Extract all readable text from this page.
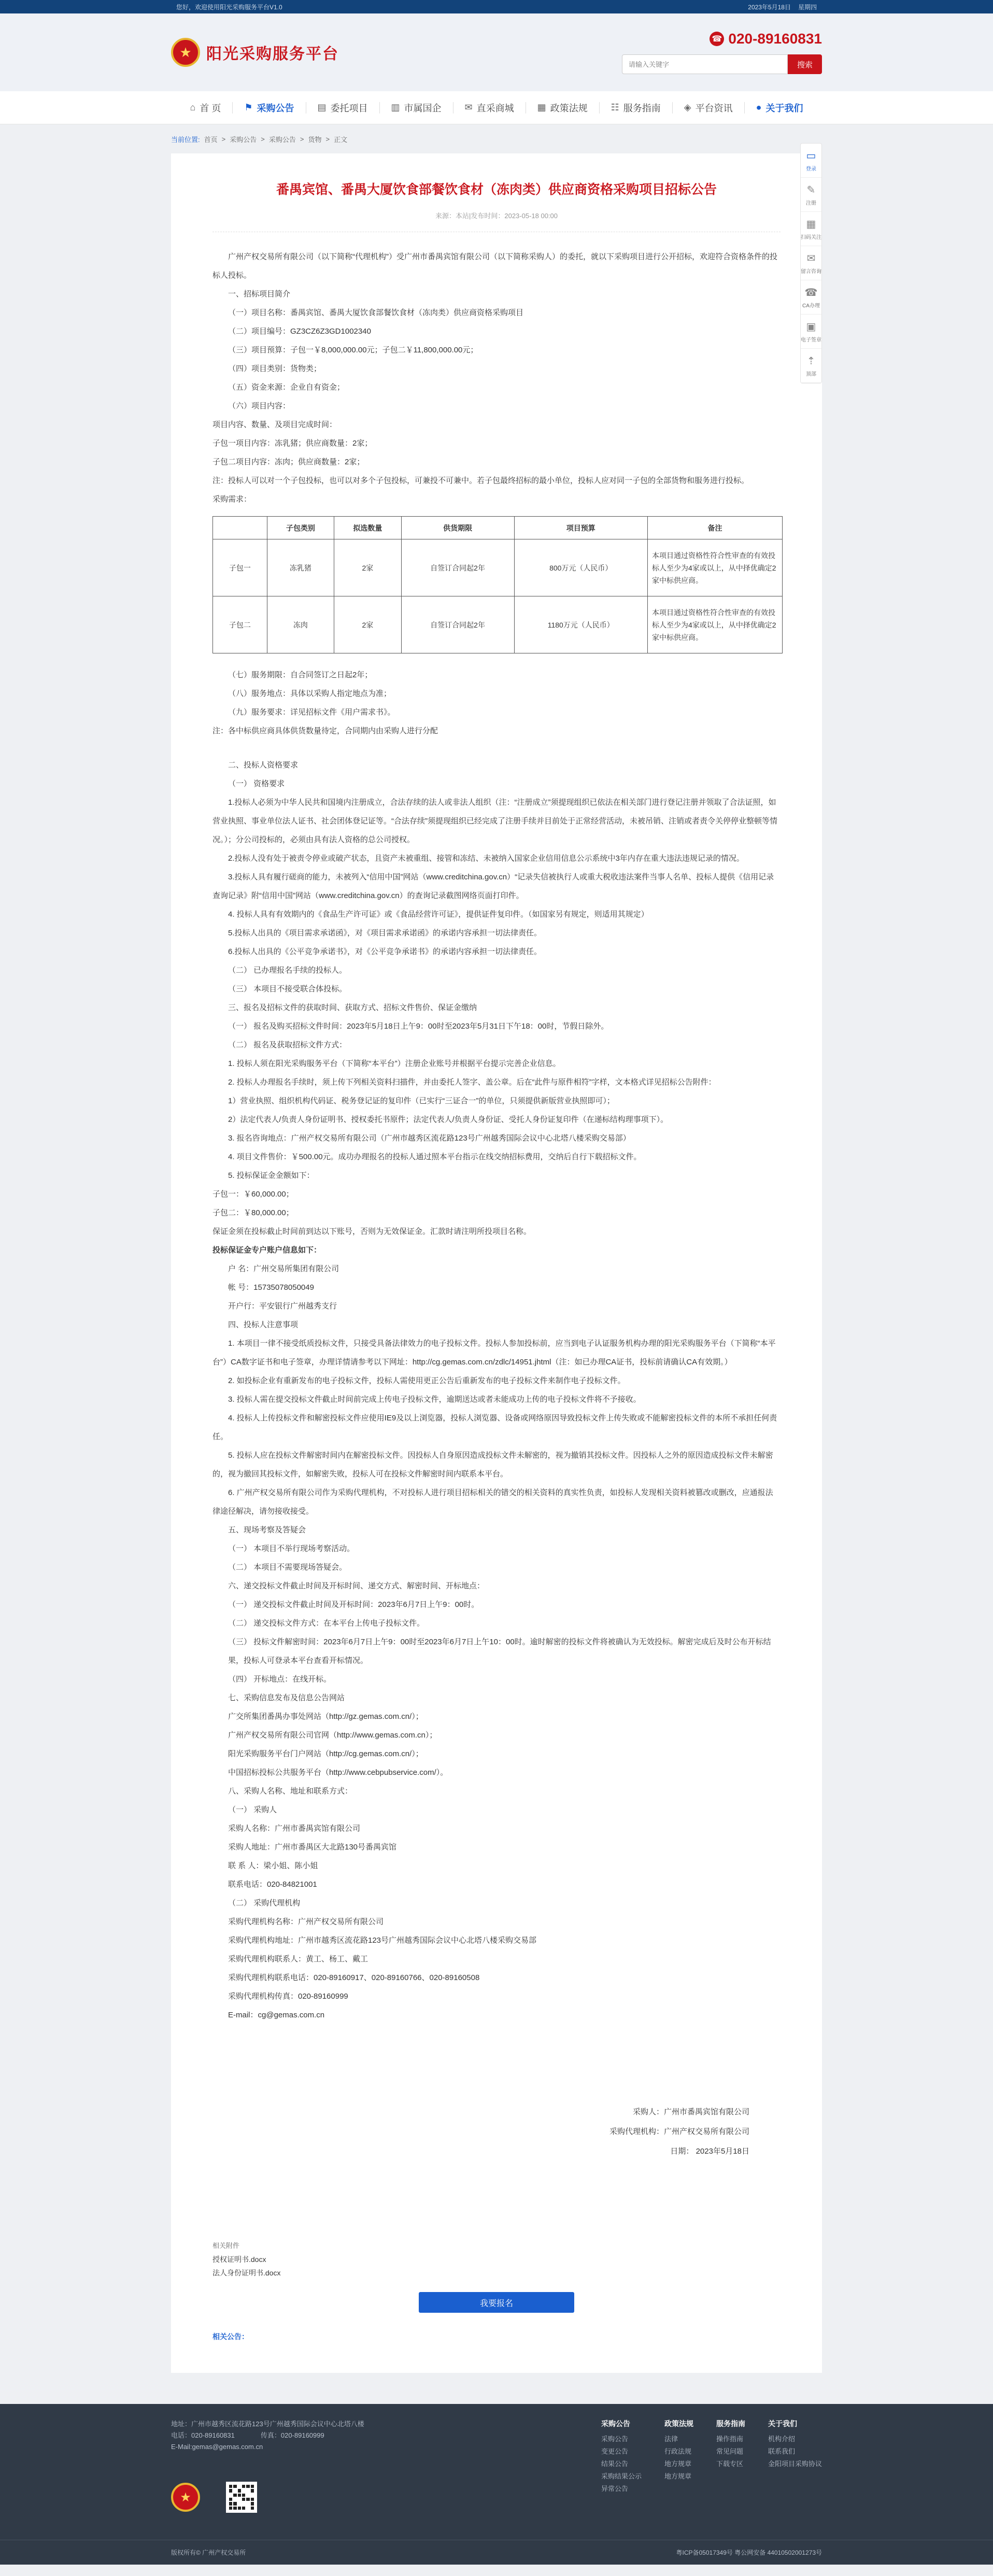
您好，欢迎使用阳光采购服务平台V1.0	2023年5月18日 星期四
★ 阳光采购服务平台
☎ 020-89160831
请输入关键字
搜索
⌂ 首 页	⚑ 采购公告	▤ 委托项目	▥ 市属国企	✉ 直采商城	▦ 政策法规	☷ 服务指南	◈ 平台资讯	● 关于我们
当前位置: 首页 > 采购公告 > 采购公告 > 货物 > 正文
▭
登录
✎
注册
▦
扫码关注
✉
留言咨询
☎
CA办理
▣
电子签章
⇡
顶部
番禺宾馆、番禺大厦饮食部餐饮食材（冻肉类）供应商资格采购项目招标公告
来源：本站|发布时间：2023-05-18 00:00
广州产权交易所有限公司（以下简称“代理机构”）受广州市番禺宾馆有限公司（以下简称采购人）的委托，就以下采购项目进行公开招标，欢迎符合资格条件的投标人投标。
一、招标项目简介
（一）项目名称：番禺宾馆、番禺大厦饮食部餐饮食材（冻肉类）供应商资格采购项目
（二）项目编号：GZ3CZ6Z3GD1002340
（三）项目预算：子包一￥8,000,000.00元；子包二￥11,800,000.00元；
（四）项目类别：货物类；
（五）资金来源：企业自有资金；
（六）项目内容：
项目内容、数量、及项目完成时间：
子包一项目内容：冻乳猪；供应商数量：2家；
子包二项目内容：冻肉；供应商数量：2家；
注：投标人可以对一个子包投标，也可以对多个子包投标，可兼投不可兼中。若子包最终招标的最小单位，投标人应对同一子包的全部货物和服务进行投标。
采购需求：
	子包类别	拟选数量	供货期限	项目预算	备注
子包一	冻乳猪	2家	自签订合同起2年	800万元（人民币）	本项目通过资格性符合性审查的有效投标人至少为4家或以上，从中择优确定2家中标供应商。
子包二	冻肉	2家	自签订合同起2年	1180万元（人民币）	本项目通过资格性符合性审查的有效投标人至少为4家或以上，从中择优确定2家中标供应商。
（七）服务期限：自合同签订之日起2年；
（八）服务地点：具体以采购人指定地点为准；
（九）服务要求：详见招标文件《用户需求书》。
注：各中标供应商具体供货数量待定，合同期内由采购人进行分配
二、投标人资格要求
（一） 资格要求
1.投标人必须为中华人民共和国境内注册成立，合法存续的法人或非法人组织（注：“注册成立”须提现组织已依法在相关部门进行登记注册并领取了合法证照，如营业执照、事业单位法人证书、社会团体登记证等。“合法存续”须提现组织已经完成了注册手续并目前处于正常经营活动，未被吊销、注销或者责令关停停业整顿等情况。）；分公司投标的，必须由具有法人资格的总公司授权。
2.投标人没有处于被责令停业或破产状态，且资产未被重组、接管和冻结、未被纳入国家企业信用信息公示系统中3年内存在重大违法违规记录的情况。
3.投标人具有履行磋商的能力，未被列入“信用中国”网站（www.creditchina.gov.cn）“记录失信被执行人或重大税收违法案件当事人名单、投标人提供《信用记录查询记录》附“信用中国”网站（www.creditchina.gov.cn）的查询记录截图网络页面打印件。
4. 投标人具有有效期内的《食品生产许可证》或《食品经营许可证》，提供证件复印件。（如国家另有规定，则适用其规定）
5.投标人出具的《项目需求承诺函》，对《项目需求承诺函》的承诺内容承担一切法律责任。
6.投标人出具的《公平竞争承诺书》，对《公平竞争承诺书》的承诺内容承担一切法律责任。
（二） 已办理报名手续的投标人。
（三） 本项目不接受联合体投标。
三、报名及招标文件的获取时间、获取方式、招标文件售价、保证金缴纳
（一） 报名及购买招标文件时间：2023年5月18日上午9：00时至2023年5月31日下午18：00时，节假日除外。
（二） 报名及获取招标文件方式：
1. 投标人须在阳光采购服务平台（下简称“本平台”）注册企业账号并根据平台提示完善企业信息。
2. 投标人办理报名手续时，须上传下列相关资料扫描件，并由委托人签字、盖公章。后在“此件与原件相符”字样，文本格式详见招标公告附件：
1）营业执照、组织机构代码证、税务登记证的复印件（已实行“三证合一”的单位，只须提供新版营业执照即可）；
2）法定代表人/负责人身份证明书、授权委托书原件；法定代表人/负责人身份证、受托人身份证复印件（在递标结构理事项下）。
3. 报名咨询地点：广州产权交易所有限公司（广州市越秀区流花路123号广州越秀国际会议中心北塔八楼采购交易部）
4. 项目文件售价：￥500.00元。成功办理报名的投标人通过照本平台指示在线交纳招标费用，交纳后自行下载招标文件。
5. 投标保证金金额如下：
子包一：￥60,000.00；
子包二：￥80,000.00；
保证金须在投标截止时间前到达以下账号，否则为无效保证金。汇款时请注明所投项目名称。
投标保证金专户账户信息如下：
户 名：广州交易所集团有限公司
帐 号：15735078050049
开户行：平安银行广州越秀支行
四、投标人注意事项
1. 本项目一律不接受纸质投标文件，只接受具备法律效力的电子投标文件。投标人参加投标前，应当到电子认证服务机构办理的阳光采购服务平台（下简称“本平台”）CA数字证书和电子签章，办理详情请参考以下网址：http://cg.gemas.com.cn/zdlc/14951.jhtml（注：如已办理CA证书，投标前请确认CA有效期。）
2. 如投标企业有重新发布的电子投标文件，投标人需使用更正公告后重新发布的电子投标文件来制作电子投标文件。
3. 投标人需在提交投标文件截止时间前完成上传电子投标文件，逾期送达或者未能成功上传的电子投标文件将不予接收。
4. 投标人上传投标文件和解密投标文件应使用IE9及以上浏览器，投标人浏览器、设备或网络原因导致投标文件上传失败或不能解密投标文件的本所不承担任何责任。
5. 投标人应在投标文件解密时间内在解密投标文件。因投标人自身原因造成投标文件未解密的，视为撤销其投标文件。因投标人之外的原因造成投标文件未解密的，视为撤回其投标文件，如解密失败，投标人可在投标文件解密时间内联系本平台。
6. 广州产权交易所有限公司作为采购代理机构，不对投标人进行项目招标相关的错交的相关资料的真实性负责，如投标人发现相关资料被篡改或删改，应通报法律途径解决，请勿接收接受。
五、现场考察及答疑会
（一） 本项目不举行现场考察活动。
（二） 本项目不需要现场答疑会。
六、递交投标文件截止时间及开标时间、递交方式、解密时间、开标地点：
（一） 递交投标文件截止时间及开标时间：2023年6月7日上午9：00时。
（二） 递交投标文件方式：在本平台上传电子投标文件。
（三） 投标文件解密时间：2023年6月7日上午9：00时至2023年6月7日上午10：00时。逾时解密的投标文件将被确认为无效投标。解密完成后及时公布开标结果，投标人可登录本平台查看开标情况。
（四） 开标地点：在线开标。
七、采购信息发布及信息公告网站
广交所集团番禺办事处网站（http://gz.gemas.com.cn/）；
广州产权交易所有限公司官网（http://www.gemas.com.cn）；
阳光采购服务平台门户网站（http://cg.gemas.com.cn/）；
中国招标投标公共服务平台（http://www.cebpubservice.com/）。
八、采购人名称、地址和联系方式：
（一） 采购人
采购人名称：广州市番禺宾馆有限公司
采购人地址：广州市番禺区大北路130号番禺宾馆
联 系 人：梁小姐、陈小姐
联系电话：020-84821001
（二） 采购代理机构
采购代理机构名称：广州产权交易所有限公司
采购代理机构地址：广州市越秀区流花路123号广州越秀国际会议中心北塔八楼采购交易部
采购代理机构联系人：黄工、杨工、戴工
采购代理机构联系电话：020-89160917、020-89160766、020-89160508
采购代理机构传真：020-89160999
E-mail：cg@gemas.com.cn
采购人：广州市番禺宾馆有限公司
采购代理机构：广州产权交易所有限公司
日期： 2023年5月18日
相关附件
授权证明书.docx
法人身份证明书.docx
我要报名
相关公告：

地址：广州市越秀区流花路123号广州越秀国际会议中心北塔八楼

电话：020-89160831	传真：020-89160999

E-Mail:gemas@gemas.com.cn

★
采购公告
采购公告
变更公告
结果公告
采购结果公示
异常公告
政策法规
法律
行政法规
地方规章
地方规章
服务指南
操作指南
常见问题
下载专区
关于我们
机构介绍
联系我们
金阳项目采购协议
版权所有© 广州产权交易所	粤ICP备05017349号 粤公网安备 44010502001273号
